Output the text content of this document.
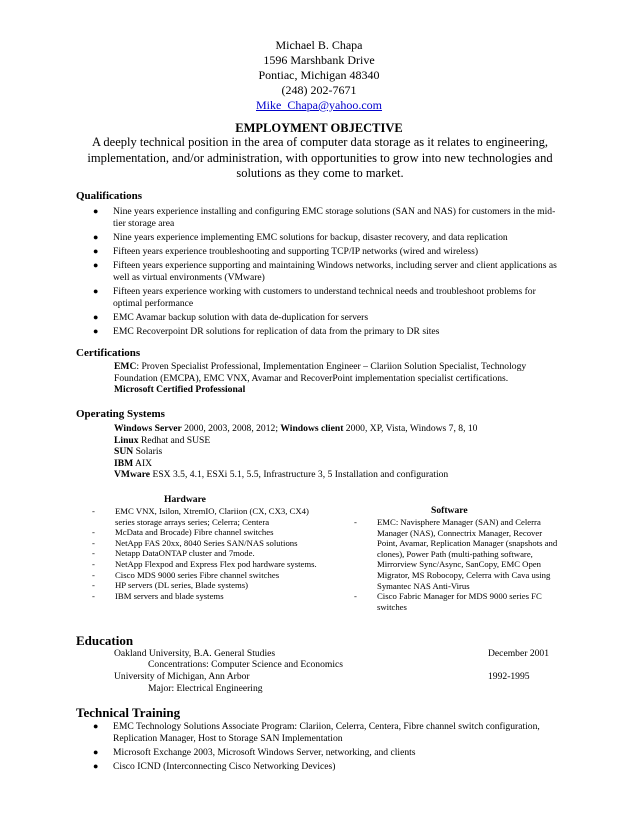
Michael B. Chapa
1596 Marshbank Drive
Pontiac, Michigan 48340
(248) 202-7671
Mike_Chapa@yahoo.com
EMPLOYMENT OBJECTIVE
A deeply technical position in the area of computer data storage as it relates to engineering, implementation, and/or administration, with opportunities to grow into new technologies and solutions as they come to market.
Qualifications
● Nine years experience installing and configuring EMC storage solutions (SAN and NAS) for customers in the mid-tier storage area
● Nine years experience implementing EMC solutions for backup, disaster recovery, and data replication
● Fifteen years experience troubleshooting and supporting TCP/IP networks (wired and wireless)
● Fifteen years experience supporting and maintaining Windows networks, including server and client applications as well as virtual environments (VMware)
● Fifteen years experience working with customers to understand technical needs and troubleshoot problems for optimal performance
● EMC Avamar backup solution with data de-duplication for servers
● EMC Recoverpoint DR solutions for replication of data from the primary to DR sites
Certifications
EMC: Proven Specialist Professional, Implementation Engineer – Clariion Solution Specialist, Technology Foundation (EMCPA), EMC VNX, Avamar and RecoverPoint implementation specialist certifications.
Microsoft Certified Professional
Operating Systems
Windows Server 2000, 2003, 2008, 2012; Windows client 2000, XP, Vista, Windows 7, 8, 10
Linux Redhat and SUSE
SUN Solaris
IBM AIX
VMware ESX 3.5, 4.1, ESXi 5.1, 5.5, Infrastructure 3, 5 Installation and configuration
Hardware
- EMC VNX, Isilon, XtremIO, Clariion (CX, CX3, CX4) series storage arrays series; Celerra; Centera
- McData and Brocade) Fibre channel switches
- NetApp FAS 20xx, 8040 Series SAN/NAS solutions
- Netapp DataONTAP cluster and 7mode.
- NetApp Flexpod and Express Flex pod hardware systems.
- Cisco MDS 9000 series Fibre channel switches
- HP servers (DL series, Blade systems)
- IBM servers and blade systems
Software
- EMC: Navisphere Manager (SAN) and Celerra Manager (NAS), Connectrix Manager, Recover Point, Avamar, Replication Manager (snapshots and clones), Power Path (multi-pathing software, Mirrorview Sync/Async, SanCopy, EMC Open Migrator, MS Robocopy, Celerra with Cava using Symantec NAS Anti-Virus
- Cisco Fabric Manager for MDS 9000 series FC switches
Education
Oakland University, B.A. General Studies	December 2001
Concentrations: Computer Science and Economics
University of Michigan, Ann Arbor	1992-1995
Major: Electrical Engineering
Technical Training
● EMC Technology Solutions Associate Program: Clariion, Celerra, Centera, Fibre channel switch configuration, Replication Manager, Host to Storage SAN Implementation
● Microsoft Exchange 2003, Microsoft Windows Server, networking, and clients
● Cisco ICND (Interconnecting Cisco Networking Devices)
